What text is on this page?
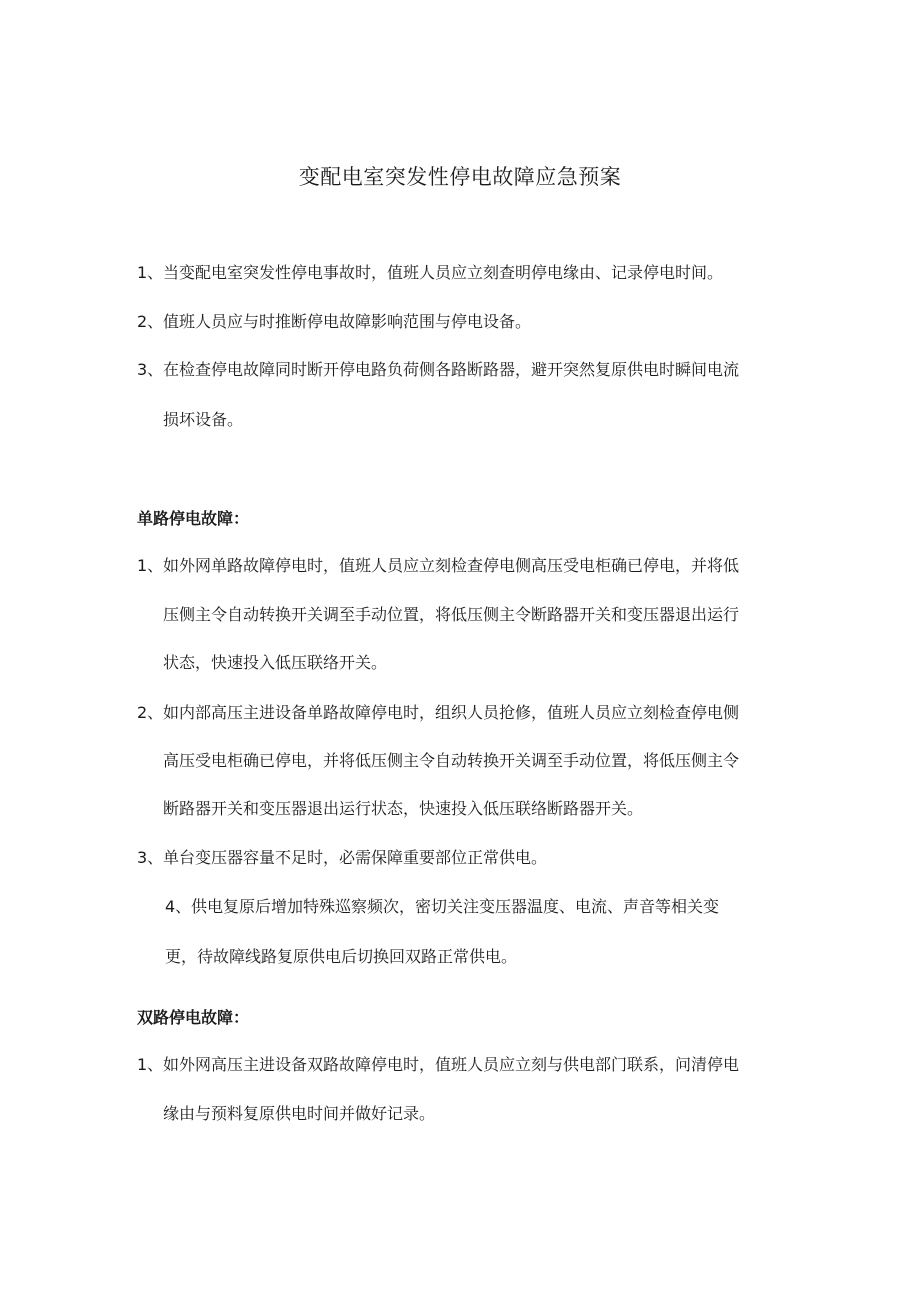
变配电室突发性停电故障应急预案
1、当变配电室突发性停电事故时，值班人员应立刻查明停电缘由、记录停电时间。
2、值班人员应与时推断停电故障影响范围与停电设备。
3、在检查停电故障同时断开停电路负荷侧各路断路器，避开突然复原供电时瞬间电流
损坏设备。
单路停电故障：
1、如外网单路故障停电时，值班人员应立刻检查停电侧高压受电柜确已停电，并将低
压侧主令自动转换开关调至手动位置，将低压侧主令断路器开关和变压器退出运行
状态，快速投入低压联络开关。
2、如内部高压主进设备单路故障停电时，组织人员抢修，值班人员应立刻检查停电侧
高压受电柜确已停电，并将低压侧主令自动转换开关调至手动位置，将低压侧主令
断路器开关和变压器退出运行状态，快速投入低压联络断路器开关。
3、单台变压器容量不足时，必需保障重要部位正常供电。
4、供电复原后增加特殊巡察频次，密切关注变压器温度、电流、声音等相关变
更，待故障线路复原供电后切换回双路正常供电。
双路停电故障：
1、如外网高压主进设备双路故障停电时，值班人员应立刻与供电部门联系，问清停电
缘由与预料复原供电时间并做好记录。
